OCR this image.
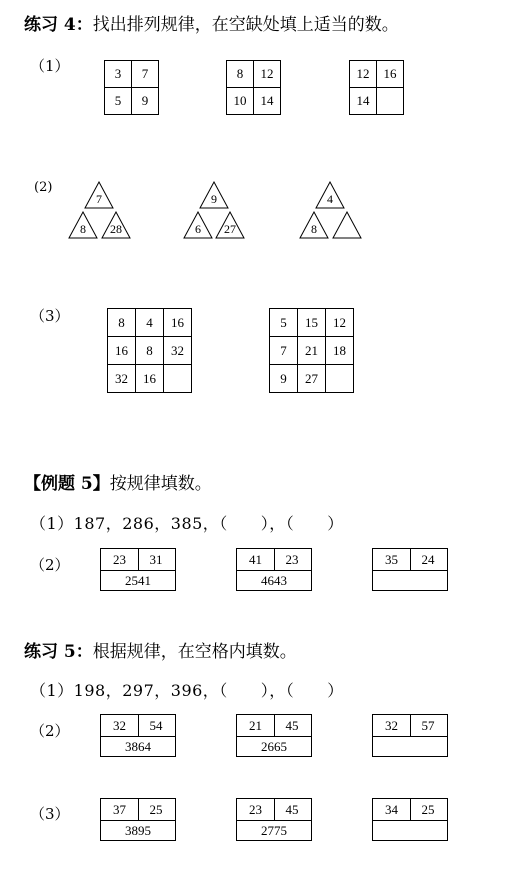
练习 4：找出排列规律，在空缺处填上适当的数。
（1）	3	7
5	9
8	12
10	14
12	16
14	
(2)
7
8	28
9
6	27
4
8
（3）	8	4	16
16	8	32
32	16	
5	15	12
7	21	18
9	27	
【例题 5】按规律填数。
（1）187，286，385，（　　），（　　）
（2）	23	31
2541
41	23
4643
35	24
练习 5：根据规律，在空格内填数。
（1）198，297，396，（　　），（　　）
（2）	32	54
3864
21	45
2665
32	57
（3）	37	25
3895
23	45
2775
34	25
